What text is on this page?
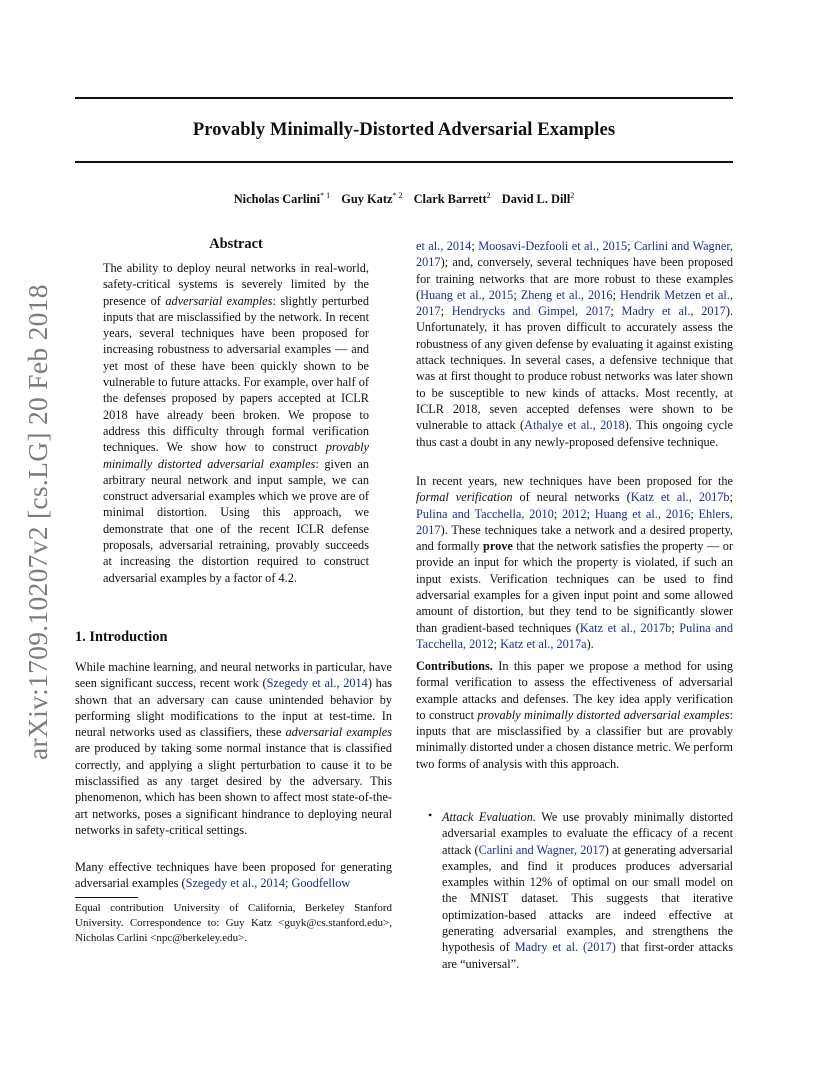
Provably Minimally-Distorted Adversarial Examples
Nicholas Carlini$^{* 1}$ Guy Katz$^{* 2}$ Clark Barrett$^2$ David L. Dill$^2$
arXiv:1709.10207v2 [cs.LG] 20 Feb 2018
Abstract
The ability to deploy neural networks in real-world, safety-critical systems is severely limited by the presence of adversarial examples: slightly perturbed inputs that are misclassified by the network. In recent years, several techniques have been proposed for increasing robustness to adversarial examples — and yet most of these have been quickly shown to be vulnerable to future attacks. For example, over half of the defenses proposed by papers accepted at ICLR 2018 have already been broken. We propose to address this difficulty through formal verification techniques. We show how to construct provably minimally distorted adversarial examples: given an arbitrary neural network and input sample, we can construct adversarial examples which we prove are of minimal distortion. Using this approach, we demonstrate that one of the recent ICLR defense proposals, adversarial retraining, provably succeeds at increasing the distortion required to construct adversarial examples by a factor of 4.2.
1. Introduction

While machine learning, and neural networks in particular, have seen significant success, recent work (Szegedy et al., 2014) has shown that an adversary can cause unintended behavior by performing slight modifications to the input at test-time. In neural networks used as classifiers, these adversarial examples are produced by taking some normal instance that is classified correctly, and applying a slight perturbation to cause it to be misclassified as any target desired by the adversary. This phenomenon, which has been shown to affect most state-of-the-art networks, poses a significant hindrance to deploying neural networks in safety-critical settings.

Many effective techniques have been proposed for generating adversarial examples (Szegedy et al., 2014; Goodfellow

Equal contribution University of California, Berkeley Stanford University. Correspondence to: Guy Katz <guyk@cs.stanford.edu>, Nicholas Carlini <npc@berkeley.edu>.

et al., 2014; Moosavi-Dezfooli et al., 2015; Carlini and Wagner, 2017); and, conversely, several techniques have been proposed for training networks that are more robust to these examples (Huang et al., 2015; Zheng et al., 2016; Hendrik Metzen et al., 2017; Hendrycks and Gimpel, 2017; Madry et al., 2017). Unfortunately, it has proven difficult to accurately assess the robustness of any given defense by evaluating it against existing attack techniques. In several cases, a defensive technique that was at first thought to produce robust networks was later shown to be susceptible to new kinds of attacks. Most recently, at ICLR 2018, seven accepted defenses were shown to be vulnerable to attack (Athalye et al., 2018). This ongoing cycle thus cast a doubt in any newly-proposed defensive technique.

In recent years, new techniques have been proposed for the formal verification of neural networks (Katz et al., 2017b; Pulina and Tacchella, 2010; 2012; Huang et al., 2016; Ehlers, 2017). These techniques take a network and a desired property, and formally prove that the network satisfies the property — or provide an input for which the property is violated, if such an input exists. Verification techniques can be used to find adversarial examples for a given input point and some allowed amount of distortion, but they tend to be significantly slower than gradient-based techniques (Katz et al., 2017b; Pulina and Tacchella, 2012; Katz et al., 2017a).

Contributions. In this paper we propose a method for using formal verification to assess the effectiveness of adversarial example attacks and defenses. The key idea apply verification to construct provably minimally distorted adversarial examples: inputs that are misclassified by a classifier but are provably minimally distorted under a chosen distance metric. We perform two forms of analysis with this approach.

• Attack Evaluation. We use provably minimally distorted adversarial examples to evaluate the efficacy of a recent attack (Carlini and Wagner, 2017) at generating adversarial examples, and find it produces produces adversarial examples within 12% of optimal on our small model on the MNIST dataset. This suggests that iterative optimization-based attacks are indeed effective at generating adversarial examples, and strengthens the hypothesis of Madry et al. (2017) that first-order attacks are “universal”.
